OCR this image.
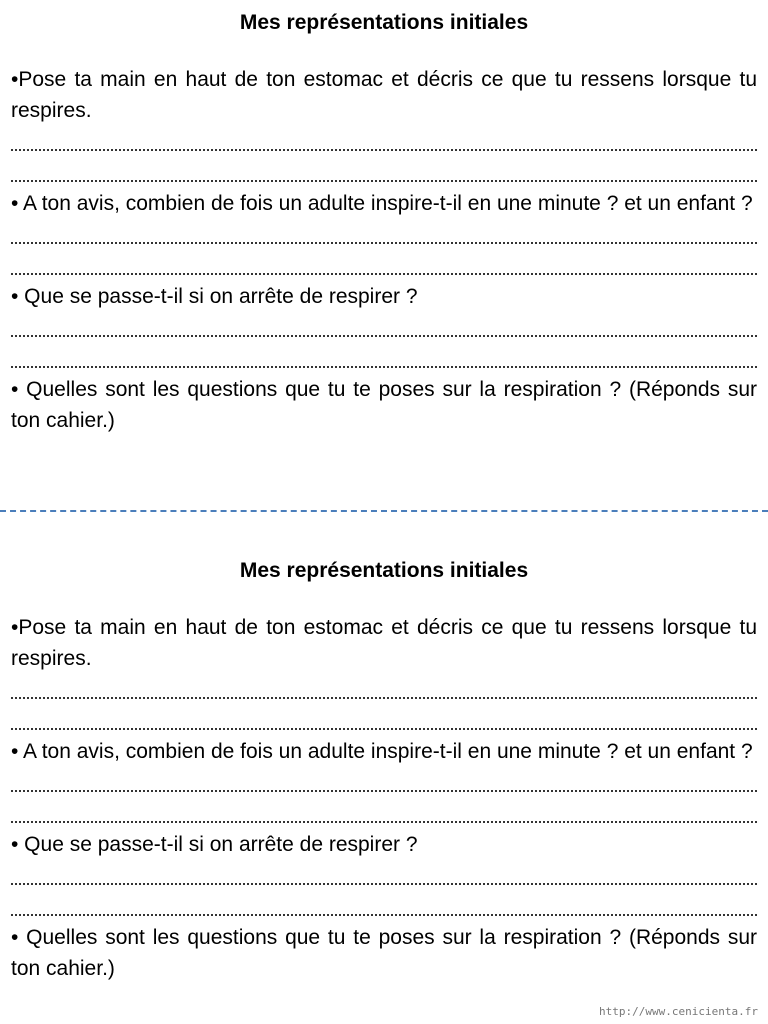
Mes représentations initiales

•Pose ta main en haut de ton estomac et décris ce que tu ressens lorsque tu respires.

• A ton avis, combien de fois un adulte inspire-t-il en une minute ? et un enfant ?

• Que se passe-t-il si on arrête de respirer ?

• Quelles sont les questions que tu te poses sur la respiration ? (Réponds sur ton cahier.)

Mes représentations initiales

•Pose ta main en haut de ton estomac et décris ce que tu ressens lorsque tu respires.

• A ton avis, combien de fois un adulte inspire-t-il en une minute ? et un enfant ?

• Que se passe-t-il si on arrête de respirer ?

• Quelles sont les questions que tu te poses sur la respiration ? (Réponds sur ton cahier.)

http://www.cenicienta.fr
